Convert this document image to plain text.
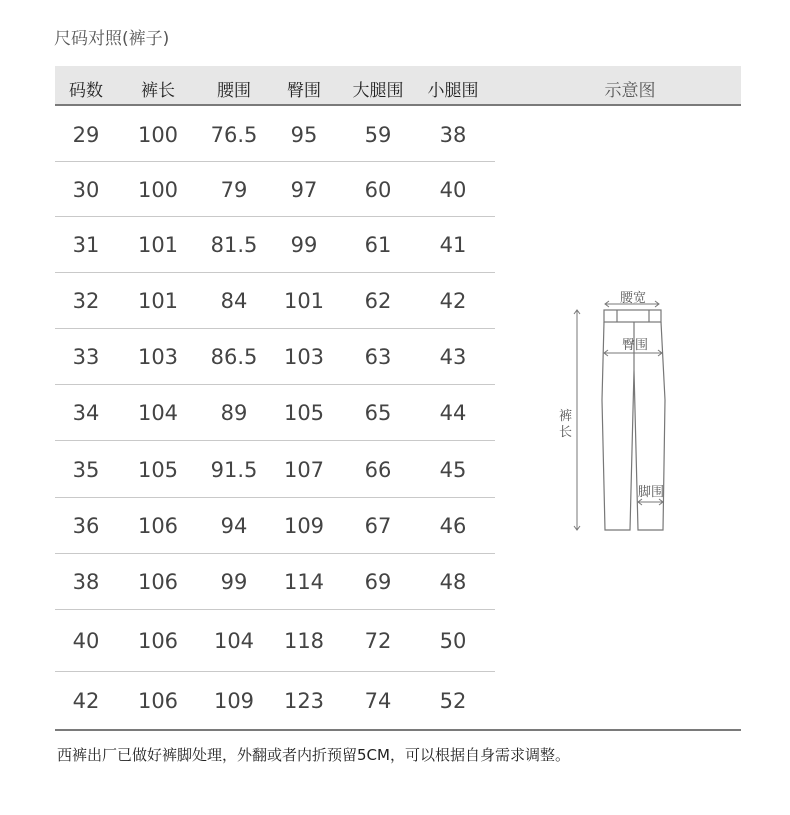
尺码对照(裤子)
码数 裤长 腰围 臀围 大腿围 小腿围	示意图
29 100 76.5 95 59 38
30 100 79 97 60 40
31 101 81.5 99 61 41
32 101 84 101 62 42
33 103 86.5 103 63 43
34 104 89 105 65 44
35 105 91.5 107 66 45
36 106 94 109 67 46
38 106 99 114 69 48
40 106 104 118 72 50
42 106 109 123 74 52
西裤出厂已做好裤脚处理，外翻或者内折预留5CM，可以根据自身需求调整。
腰宽
臀围
裤
长
脚围
